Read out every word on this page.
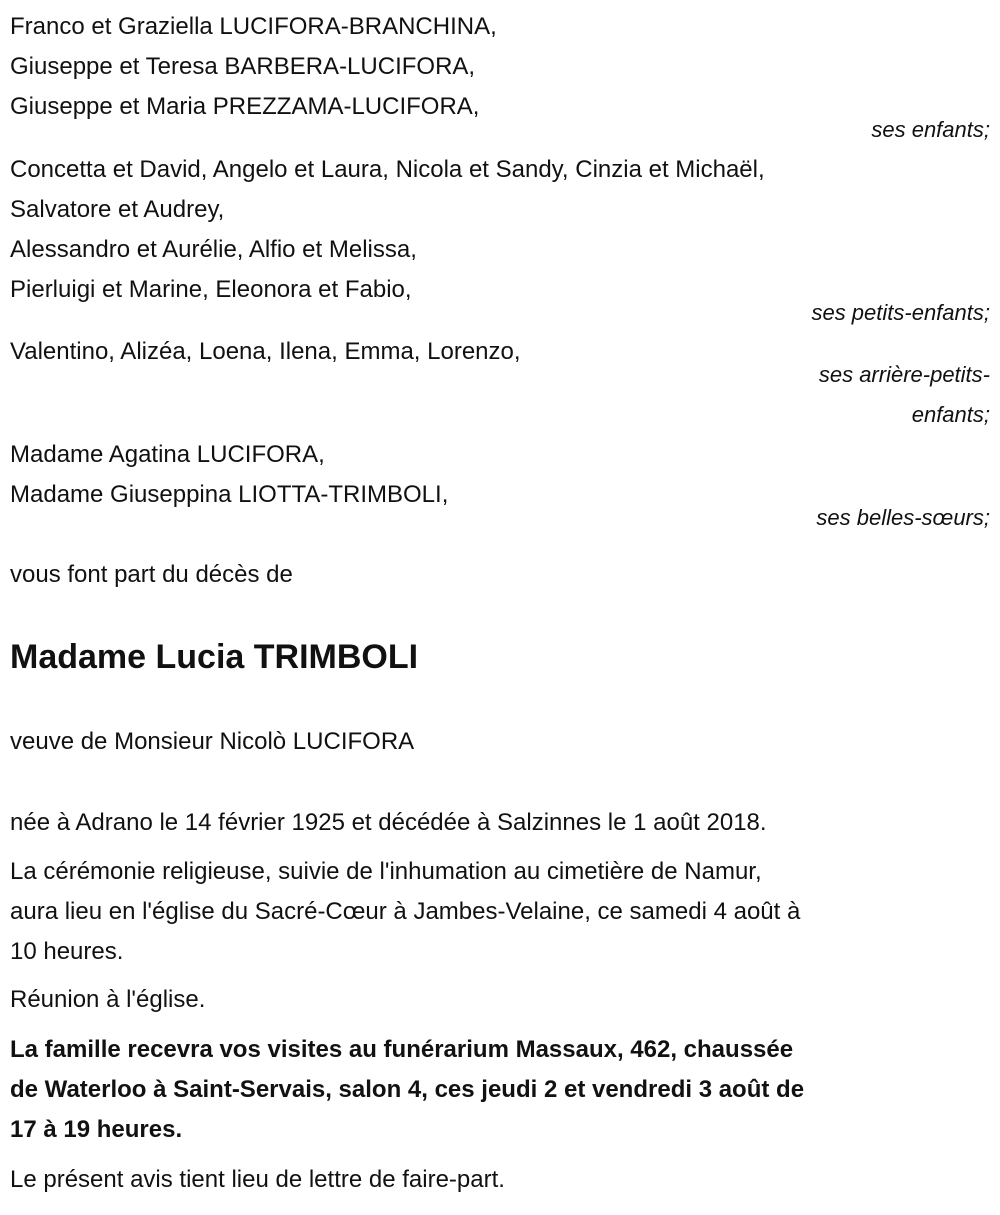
Franco et Graziella LUCIFORA-BRANCHINA,
Giuseppe et Teresa BARBERA-LUCIFORA,
Giuseppe et Maria PREZZAMA-LUCIFORA,
ses enfants;
Concetta et David, Angelo et Laura, Nicola et Sandy, Cinzia et Michaël,
Salvatore et Audrey,
Alessandro et Aurélie, Alfio et Melissa,
Pierluigi et Marine, Eleonora et Fabio,
ses petits-enfants;
Valentino, Alizéa, Loena, Ilena, Emma, Lorenzo,
ses arrière-petits-enfants;
Madame Agatina LUCIFORA,
Madame Giuseppina LIOTTA-TRIMBOLI,
ses belles-sœurs;
vous font part du décès de
Madame Lucia TRIMBOLI
veuve de Monsieur Nicolò LUCIFORA
née à Adrano le 14 février 1925 et décédée à Salzinnes le 1 août 2018.
La cérémonie religieuse, suivie de l'inhumation au cimetière de Namur,
aura lieu en l'église du Sacré-Cœur à Jambes-Velaine, ce samedi 4 août à
10 heures.
Réunion à l'église.
La famille recevra vos visites au funérarium Massaux, 462, chaussée
de Waterloo à Saint-Servais, salon 4, ces jeudi 2 et vendredi 3 août de
17 à 19 heures.
Le présent avis tient lieu de lettre de faire-part.
